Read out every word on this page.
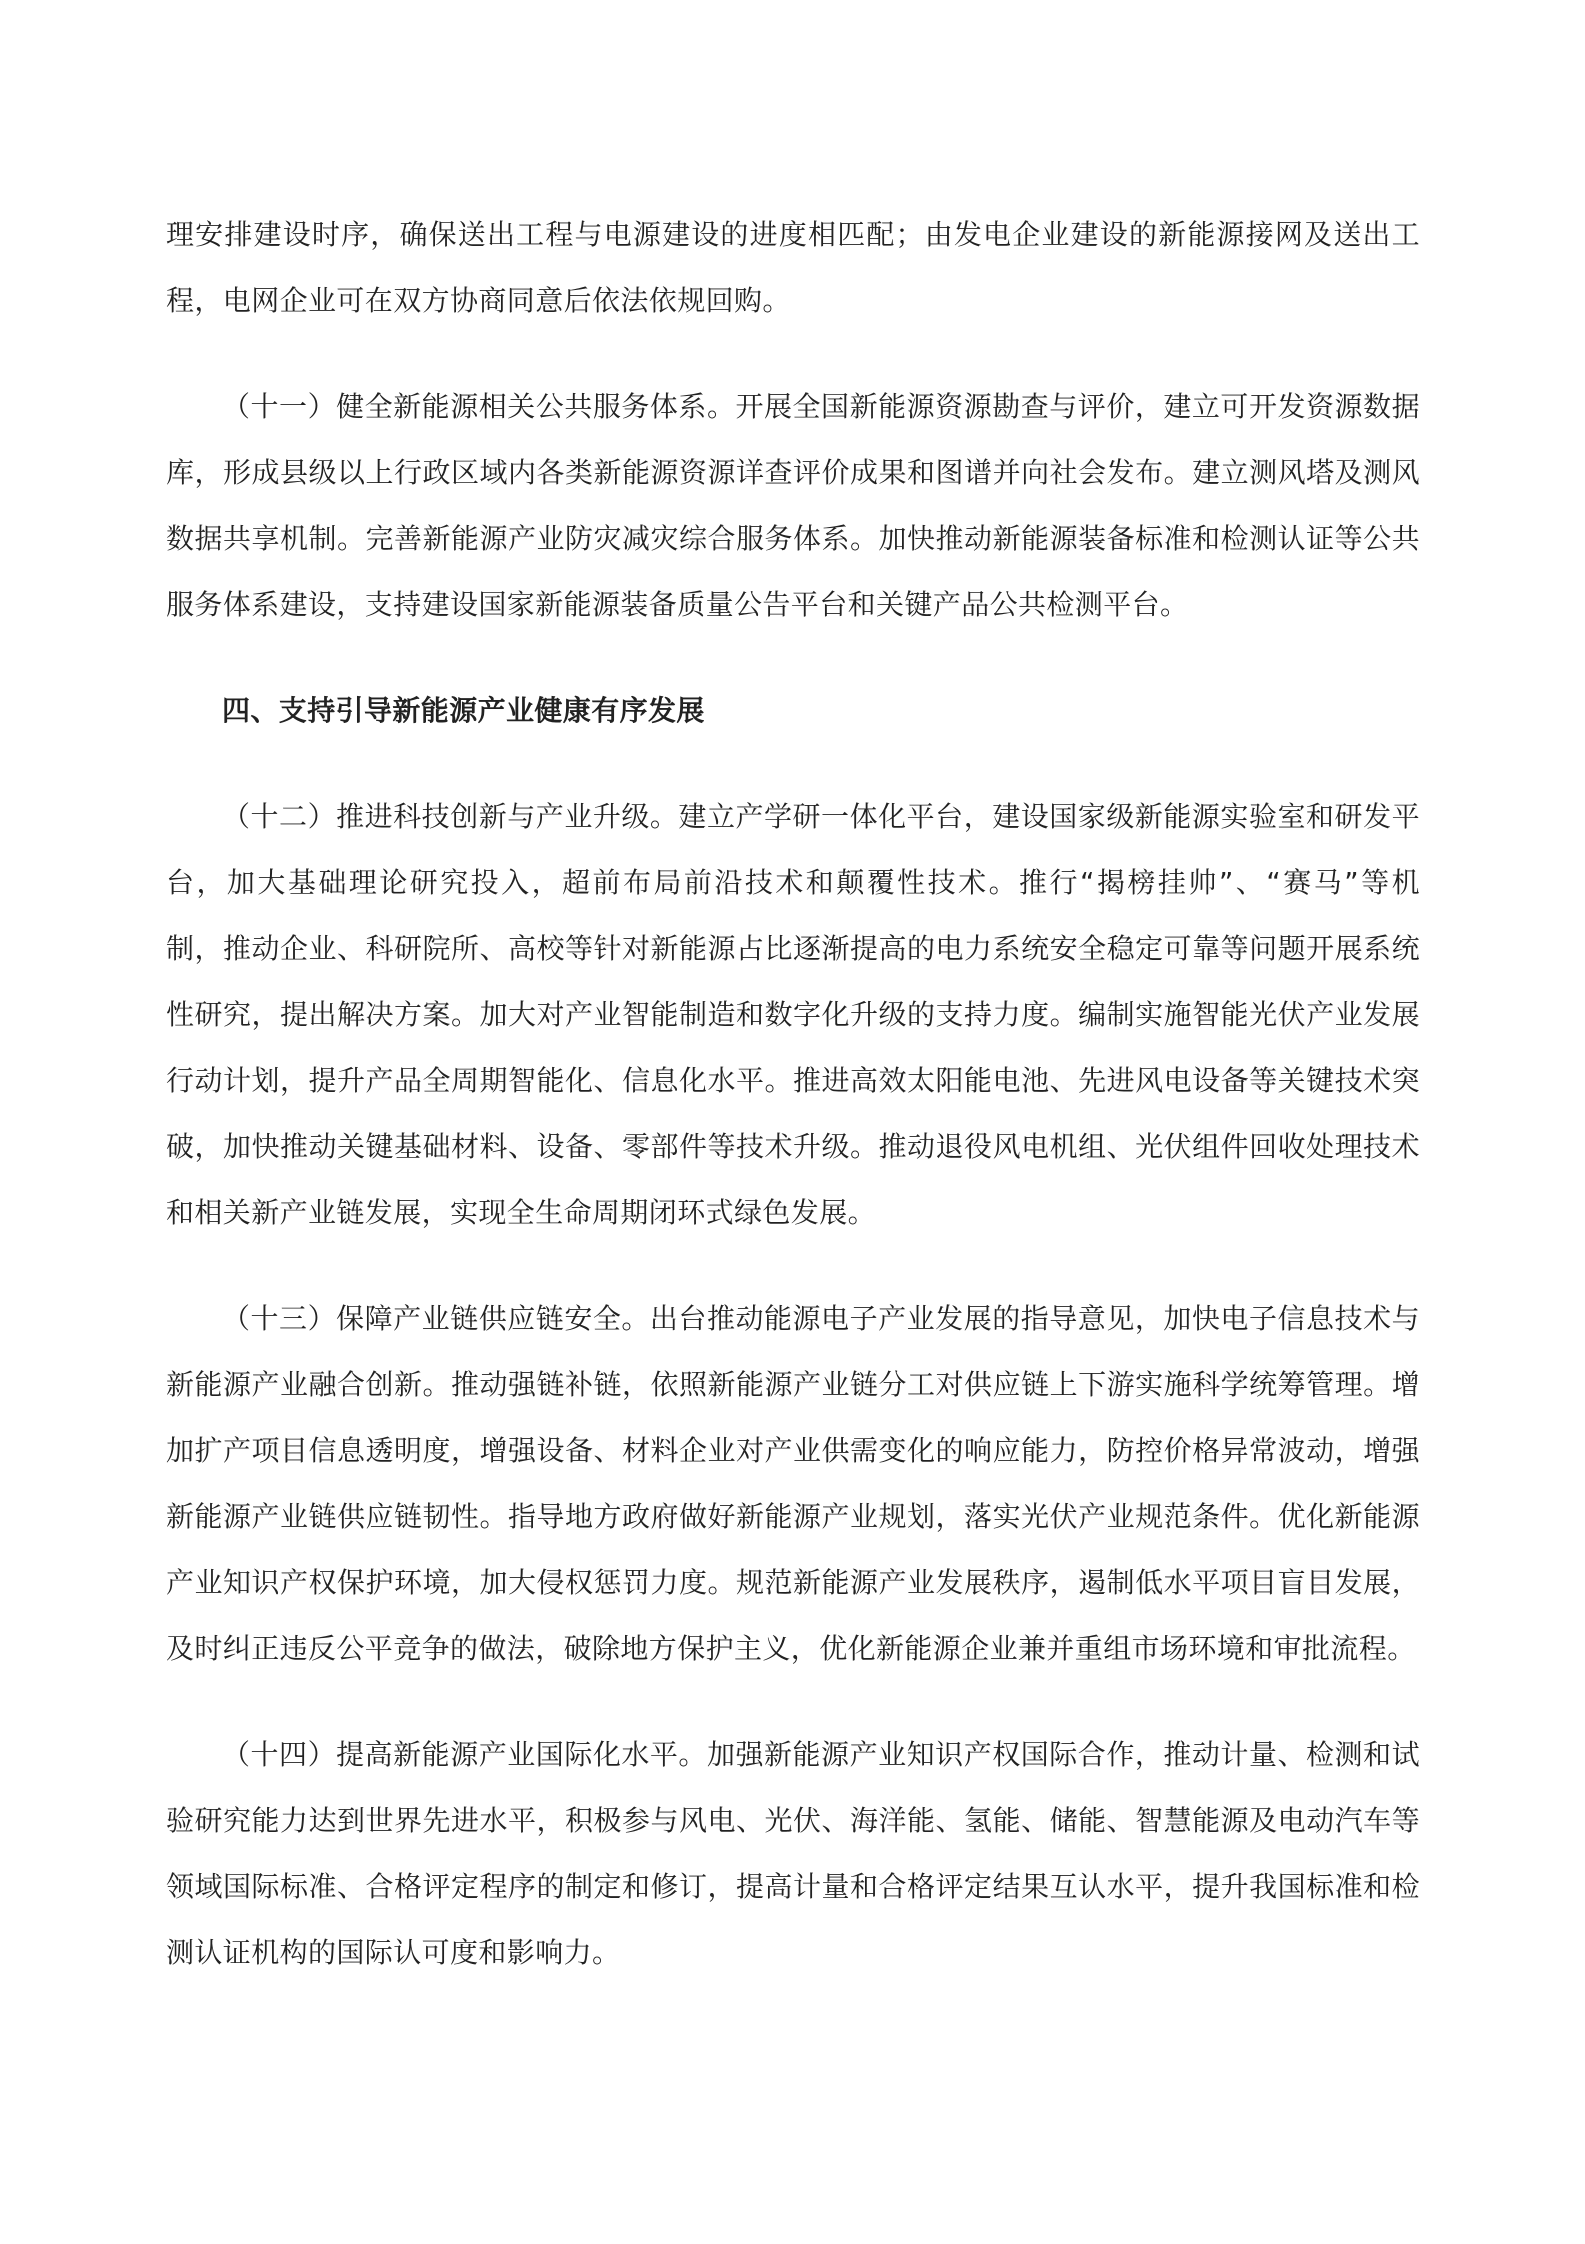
理安排建设时序，确保送出工程与电源建设的进度相匹配；由发电企业建设的新能源接网及送出工
程，电网企业可在双方协商同意后依法依规回购。
（十一）健全新能源相关公共服务体系。开展全国新能源资源勘查与评价，建立可开发资源数据
库，形成县级以上行政区域内各类新能源资源详查评价成果和图谱并向社会发布。建立测风塔及测风
数据共享机制。完善新能源产业防灾减灾综合服务体系。加快推动新能源装备标准和检测认证等公共
服务体系建设，支持建设国家新能源装备质量公告平台和关键产品公共检测平台。
四、支持引导新能源产业健康有序发展
（十二）推进科技创新与产业升级。建立产学研一体化平台，建设国家级新能源实验室和研发平
台，加大基础理论研究投入，超前布局前沿技术和颠覆性技术。推行“揭榜挂帅”、“赛马”等机
制，推动企业、科研院所、高校等针对新能源占比逐渐提高的电力系统安全稳定可靠等问题开展系统
性研究，提出解决方案。加大对产业智能制造和数字化升级的支持力度。编制实施智能光伏产业发展
行动计划，提升产品全周期智能化、信息化水平。推进高效太阳能电池、先进风电设备等关键技术突
破，加快推动关键基础材料、设备、零部件等技术升级。推动退役风电机组、光伏组件回收处理技术
和相关新产业链发展，实现全生命周期闭环式绿色发展。
（十三）保障产业链供应链安全。出台推动能源电子产业发展的指导意见，加快电子信息技术与
新能源产业融合创新。推动强链补链，依照新能源产业链分工对供应链上下游实施科学统筹管理。增
加扩产项目信息透明度，增强设备、材料企业对产业供需变化的响应能力，防控价格异常波动，增强
新能源产业链供应链韧性。指导地方政府做好新能源产业规划，落实光伏产业规范条件。优化新能源
产业知识产权保护环境，加大侵权惩罚力度。规范新能源产业发展秩序，遏制低水平项目盲目发展，
及时纠正违反公平竞争的做法，破除地方保护主义，优化新能源企业兼并重组市场环境和审批流程。
（十四）提高新能源产业国际化水平。加强新能源产业知识产权国际合作，推动计量、检测和试
验研究能力达到世界先进水平，积极参与风电、光伏、海洋能、氢能、储能、智慧能源及电动汽车等
领域国际标准、合格评定程序的制定和修订，提高计量和合格评定结果互认水平，提升我国标准和检
测认证机构的国际认可度和影响力。
